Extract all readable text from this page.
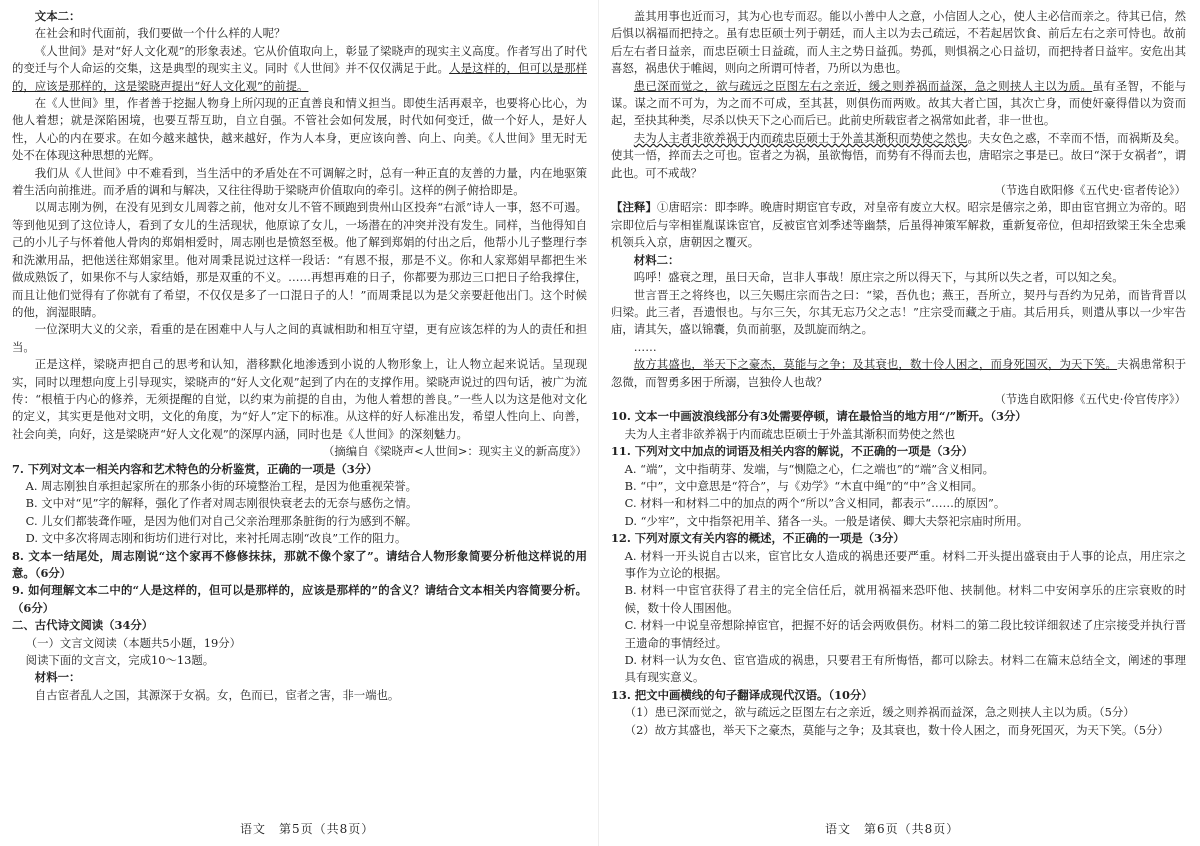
文本二：

在社会和时代面前，我们要做一个什么样的人呢？

《人世间》是对“好人文化观”的形象表述。它从价值取向上，彰显了梁晓声的现实主义高度。作者写出了时代的变迁与个人命运的交集，这是典型的现实主义。同时《人世间》并不仅仅满足于此。人是这样的，但可以是那样的，应该是那样的，这是梁晓声提出“好人文化观”的前提。

在《人世间》里，作者善于挖掘人物身上所闪现的正直善良和情义担当。即使生活再艰辛，也要将心比心，为他人着想；就是深陷困境，也要互帮互助，自立自强。不管社会如何发展，时代如何变迁，做一个好人，是好人性，人心的内在要求。在如今越来越快，越来越好，作为人本身，更应该向善、向上、向美。《人世间》里无时无处不在体现这种思想的光辉。

我们从《人世间》中不难看到，当生活中的矛盾处在不可调解之时，总有一种正直的友善的力量，内在地驱策着生活向前推进。而矛盾的调和与解决，又往往得助于梁晓声价值取向的牵引。这样的例子俯拾即是。

以周志刚为例，在没有见到女儿周蓉之前，他对女儿不管不顾跑到贵州山区投奔“右派”诗人一事，怒不可遏。等到他见到了这位诗人，看到了女儿的生活现状，他原谅了女儿，一场潜在的冲突并没有发生。同样，当他得知自己的小儿子与怀着他人骨肉的郑娟相爱时，周志刚也是愤怒至极。他了解到郑娟的付出之后，他帮小儿子整理行李和洗漱用品，把他送往郑娟家里。他对周秉昆说过这样一段话：“有恩不报，那是不义。你和人家郑娟早都把生米做成熟饭了，如果你不与人家结婚，那是双重的不义。……再想再难的日子，你都要为那边三口把日子给我撑住，而且让他们觉得有了你就有了希望，不仅仅是多了一口混日子的人！”而周秉昆以为是父亲要赶他出门。这个时候的他，润湿眼睛。

一位深明大义的父亲，看重的是在困难中人与人之间的真诚相助和相互守望，更有应该怎样的为人的责任和担当。

正是这样，梁晓声把自己的思考和认知，潜移默化地渗透到小说的人物形象上，让人物立起来说话。呈现现实，同时以理想向度上引导现实，梁晓声的“好人文化观”起到了内在的支撑作用。梁晓声说过的四句话，被广为流传：“根植于内心的修养，无须提醒的自觉，以约束为前提的自由，为他人着想的善良。”一些人以为这是他对文化的定义，其实更是他对文明，文化的角度，为“好人”定下的标准。从这样的好人标准出发，希望人性向上、向善，社会向美，向好，这是梁晓声“好人文化观”的深厚内涵，同时也是《人世间》的深刻魅力。

（摘编自《梁晓声<人世间>：现实主义的新高度》）

7. 下列对文本一相关内容和艺术特色的分析鉴赏，正确的一项是（3分）

A. 周志刚独自承担起家所在的那条小街的环境整治工程，是因为他重视荣誉。

B. 文中对“见”字的解释，强化了作者对周志刚很快衰老去的无奈与感伤之情。

C. 儿女们都装聋作哑，是因为他们对自己父亲治理那条脏街的行为感到不解。

D. 文中多次将周志刚和街坊们进行对比，来衬托周志刚“改良”工作的阻力。

8. 文本一结尾处，周志刚说“这个家再不修修抹抹，那就不像个家了”。请结合人物形象简要分析他这样说的用意。（6分）

9. 如何理解文本二中的“人是这样的，但可以是那样的，应该是那样的”的含义？请结合文本相关内容简要分析。（6分）

二、古代诗文阅读（34分）

（一）文言文阅读（本题共5小题，19分）

阅读下面的文言文，完成10～13题。

材料一：

自古宦者乱人之国，其源深于女祸。女，色而已，宦者之害，非一端也。

盖其用事也近而习，其为心也专而忍。能以小善中人之意，小信固人之心，使人主必信而亲之。待其已信，然后惧以祸福而把持之。虽有忠臣硕士列于朝廷，而人主以为去己疏远，不若起居饮食、前后左右之亲可恃也。故前后左右者日益亲，而忠臣硕士日益疏，而人主之势日益孤。势孤，则惧祸之心日益切，而把持者日益牢。安危出其喜怒，祸患伏于帷闼，则向之所谓可恃者，乃所以为患也。

患已深而觉之，欲与疏远之臣图左右之亲近，缓之则养祸而益深，急之则挟人主以为质。虽有圣智，不能与谋。谋之而不可为，为之而不可成，至其甚，则俱伤而两败。故其大者亡国，其次亡身，而使奸豪得借以为资而起，至抉其种类，尽杀以快天下之心而后已。此前史所载宦者之祸常如此者，非一世也。

夫为人主者非欲养祸于内而疏忠臣硕士于外盖其渐积而势使之然也。夫女色之惑，不幸而不悟，而祸斯及矣。使其一悟，捽而去之可也。宦者之为祸，虽欲悔悟，而势有不得而去也，唐昭宗之事是已。故曰“深于女祸者”，谓此也。可不戒哉？

（节选自欧阳修《五代史·宦者传论》）

【注释】①唐昭宗：即李晔。晚唐时期宦官专政，对皇帝有废立大权。昭宗是僖宗之弟，即由宦官拥立为帝的。昭宗即位后与宰相崔胤谋诛宦官，反被宦官刘季述等幽禁，后虽得神策军解救，重新复帝位，但却招致梁王朱全忠乘机领兵入京，唐朝因之覆灭。

材料二：

呜呼！盛衰之理，虽曰天命，岂非人事哉！原庄宗之所以得天下，与其所以失之者，可以知之矣。

世言晋王之将终也，以三矢赐庄宗而告之曰：“梁，吾仇也；燕王，吾所立，契丹与吾约为兄弟，而皆背晋以归梁。此三者，吾遗恨也。与尔三矢，尔其无忘乃父之志！”庄宗受而藏之于庙。其后用兵，则遣从事以一少牢告庙，请其矢，盛以锦囊，负而前驱，及凯旋而纳之。

……

故方其盛也，举天下之豪杰，莫能与之争；及其衰也，数十伶人困之，而身死国灭，为天下笑。夫祸患常积于忽微，而智勇多困于所溺，岂独伶人也哉？

（节选自欧阳修《五代史·伶官传序》）

10. 文本一中画波浪线部分有3处需要停顿，请在最恰当的地方用“/”断开。（3分）

夫为人主者非欲养祸于内而疏忠臣硕士于外盖其渐积而势使之然也

11. 下列对文中加点的词语及相关内容的解说，不正确的一项是（3分）

A. “端”，文中指萌芽、发端，与“恻隐之心，仁之端也”的“端”含义相同。

B. “中”，文中意思是“符合”，与《劝学》“木直中绳”的“中”含义相同。

C. 材料一和材料二中的加点的两个“所以”含义相同，都表示“……的原因”。

D. “少牢”，文中指祭祀用羊、猪各一头。一般是诸侯、卿大夫祭祀宗庙时所用。

12. 下列对原文有关内容的概述，不正确的一项是（3分）

A. 材料一开头说自古以来，宦官比女人造成的祸患还要严重。材料二开头提出盛衰由于人事的论点，用庄宗之事作为立论的根据。

B. 材料一中宦官获得了君主的完全信任后，就用祸福来恐吓他、挟制他。材料二中安闲享乐的庄宗衰败的时候，数十伶人围困他。

C. 材料一中说皇帝想除掉宦官，把握不好的话会两败俱伤。材料二的第二段比较详细叙述了庄宗接受并执行晋王遗命的事情经过。

D. 材料一认为女色、宦官造成的祸患，只要君王有所悔悟，都可以除去。材料二在篇末总结全文，阐述的事理具有现实意义。

13. 把文中画横线的句子翻译成现代汉语。（10分）

（1）患已深而觉之，欲与疏远之臣图左右之亲近，缓之则养祸而益深，急之则挟人主以为质。（5分）

（2）故方其盛也，举天下之豪杰，莫能与之争；及其衰也，数十伶人困之，而身死国灭，为天下笑。（5分）

语文　第5页（共8页）	语文　第6页（共8页）
